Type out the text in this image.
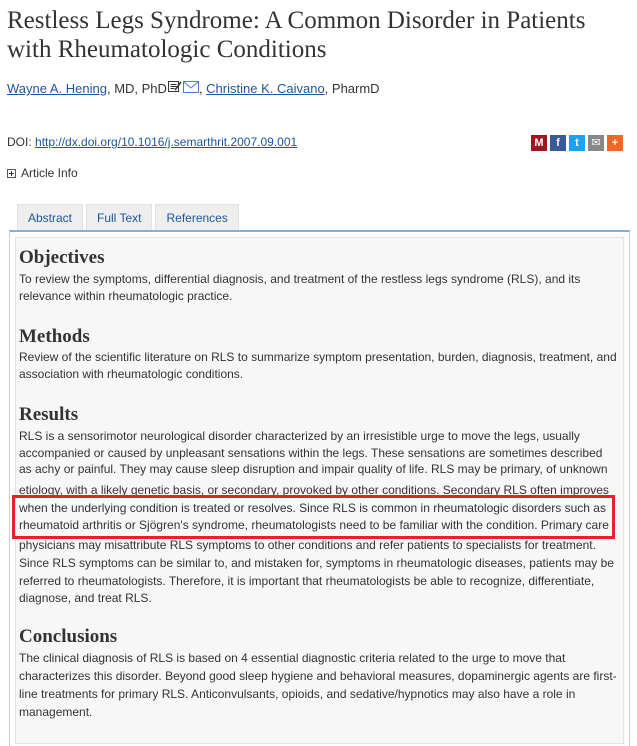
Restless Legs Syndrome: A Common Disorder in Patients
with Rheumatologic Conditions
Wayne A. Hening, MD, PhD , Christine K. Caivano, PharmD
DOI: http://dx.doi.org/10.1016/j.semarthrit.2007.09.001	M	f	t	✉	+
Article Info
Abstract	Full Text	References
Objectives
To review the symptoms, differential diagnosis, and treatment of the restless legs syndrome (RLS), and its
relevance within rheumatologic practice.
Methods
Review of the scientific literature on RLS to summarize symptom presentation, burden, diagnosis, treatment, and
association with rheumatologic conditions.
Results
RLS is a sensorimotor neurological disorder characterized by an irresistible urge to move the legs, usually
accompanied or caused by unpleasant sensations within the legs. These sensations are sometimes described
as achy or painful. They may cause sleep disruption and impair quality of life. RLS may be primary, of unknown
etiology, with a likely genetic basis, or secondary, provoked by other conditions. Secondary RLS often improves
when the underlying condition is treated or resolves. Since RLS is common in rheumatologic disorders such as
rheumatoid arthritis or Sjögren's syndrome, rheumatologists need to be familiar with the condition. Primary care
physicians may misattribute RLS symptoms to other conditions and refer patients to specialists for treatment.
Since RLS symptoms can be similar to, and mistaken for, symptoms in rheumatologic diseases, patients may be
referred to rheumatologists. Therefore, it is important that rheumatologists be able to recognize, differentiate,
diagnose, and treat RLS.
Conclusions
The clinical diagnosis of RLS is based on 4 essential diagnostic criteria related to the urge to move that
characterizes this disorder. Beyond good sleep hygiene and behavioral measures, dopaminergic agents are first-
line treatments for primary RLS. Anticonvulsants, opioids, and sedative/hypnotics may also have a role in
management.
